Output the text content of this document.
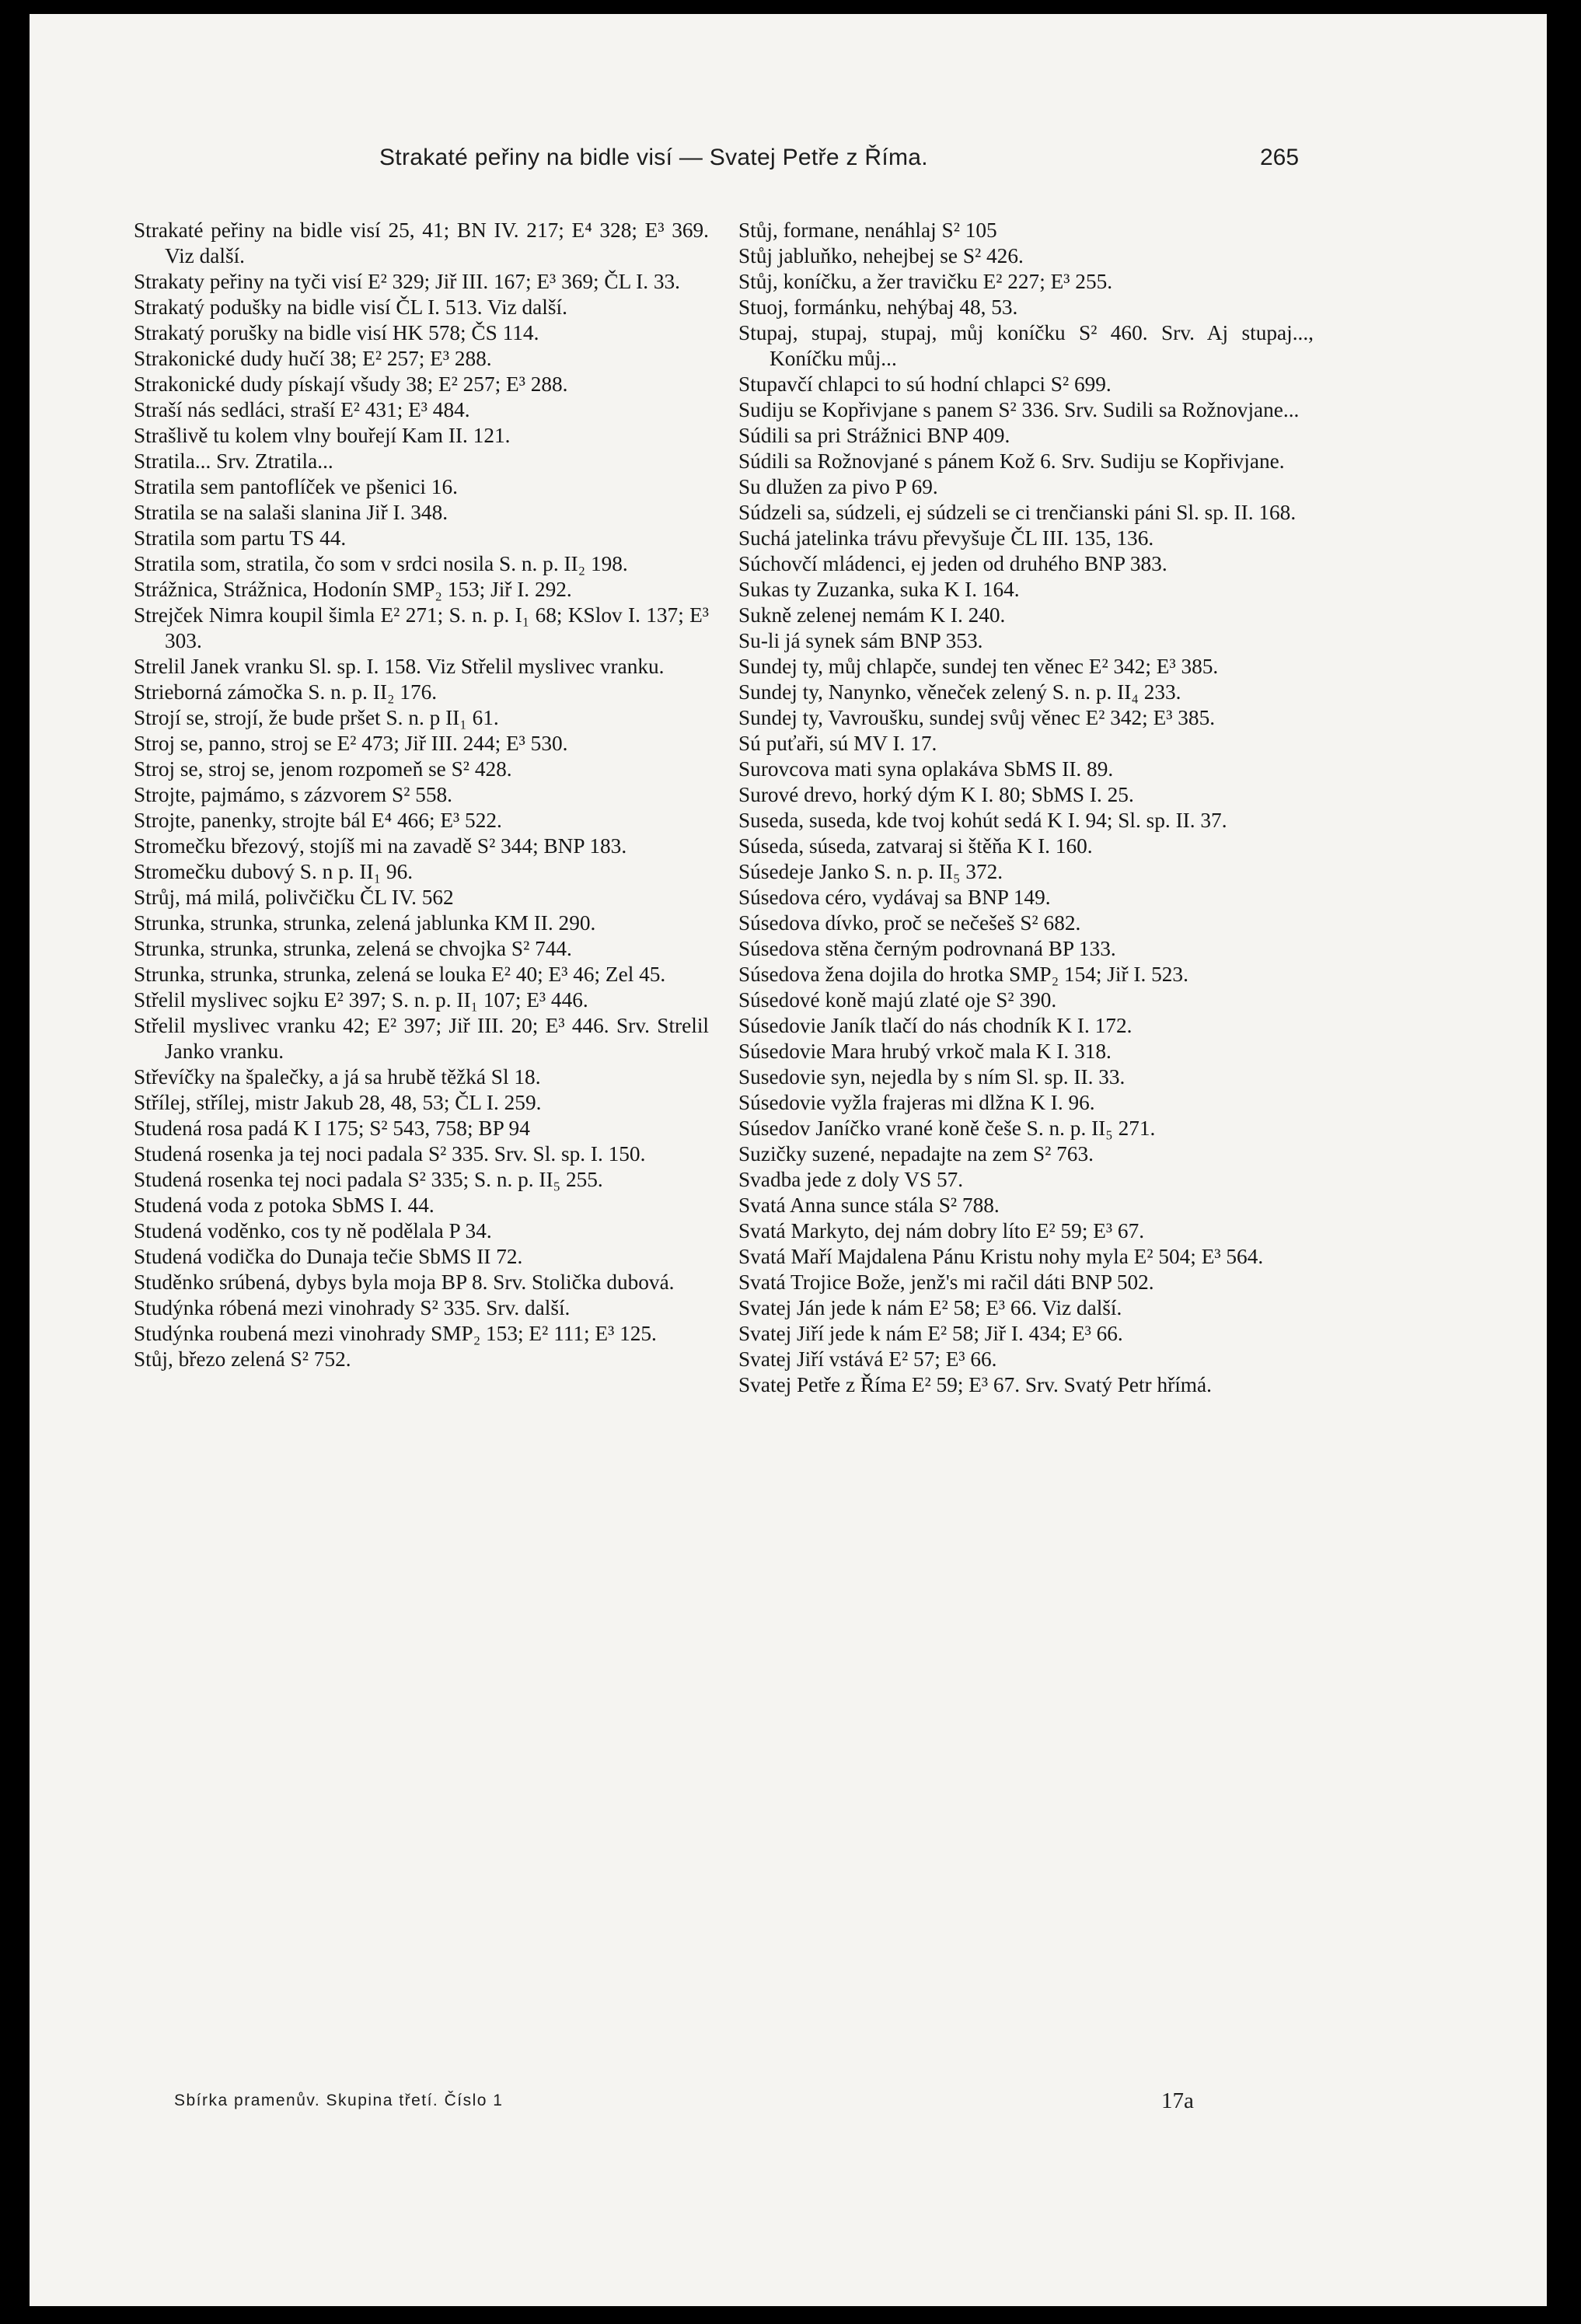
Strakaté peřiny na bidle visí — Svatej Petře z Říma.	265

Strakaté peřiny na bidle visí 25, 41; BN IV. 217; E⁴ 328; E³ 369. Viz další.

Strakaty peřiny na tyči visí E² 329; Jiř III. 167; E³ 369; ČL I. 33.

Strakatý podušky na bidle visí ČL I. 513. Viz další.

Strakatý porušky na bidle visí HK 578; ČS 114.

Strakonické dudy hučí 38; E² 257; E³ 288.

Strakonické dudy pískají všudy 38; E² 257; E³ 288.

Straší nás sedláci, straší E² 431; E³ 484.

Strašlivě tu kolem vlny bouřejí Kam II. 121.

Stratila... Srv. Ztratila...

Stratila sem pantoflíček ve pšenici 16.

Stratila se na salaši slanina Jiř I. 348.

Stratila som partu TS 44.

Stratila som, stratila, čo som v srdci nosila S. n. p. II₂ 198.

Strážnica, Strážnica, Hodonín SMP₂ 153; Jiř I. 292.

Strejček Nimra koupil šimla E² 271; S. n. p. I₁ 68; KSlov I. 137; E³ 303.

Strelil Janek vranku Sl. sp. I. 158. Viz Střelil myslivec vranku.

Strieborná zámočka S. n. p. II₂ 176.

Strojí se, strojí, že bude pršet S. n. p II₁ 61.

Stroj se, panno, stroj se E² 473; Jiř III. 244; E³ 530.

Stroj se, stroj se, jenom rozpomeň se S² 428.

Strojte, pajmámo, s zázvorem S² 558.

Strojte, panenky, strojte bál E⁴ 466; E³ 522.

Stromečku březový, stojíš mi na zavadě S² 344; BNP 183.

Stromečku dubový S. n p. II₁ 96.

Strůj, má milá, polivčičku ČL IV. 562

Strunka, strunka, strunka, zelená jablunka KM II. 290.

Strunka, strunka, strunka, zelená se chvojka S² 744.

Strunka, strunka, strunka, zelená se louka E² 40; E³ 46; Zel 45.

Střelil myslivec sojku E² 397; S. n. p. II₁ 107; E³ 446.

Střelil myslivec vranku 42; E² 397; Jiř III. 20; E³ 446. Srv. Strelil Janko vranku.

Střevíčky na špalečky, a já sa hrubě těžká Sl 18.

Střílej, střílej, mistr Jakub 28, 48, 53; ČL I. 259.

Studená rosa padá K I 175; S² 543, 758; BP 94

Studená rosenka ja tej noci padala S² 335. Srv. Sl. sp. I. 150.

Studená rosenka tej noci padala S² 335; S. n. p. II₅ 255.

Studená voda z potoka SbMS I. 44.

Studená voděnko, cos ty ně podělala P 34.

Studená vodička do Dunaja tečie SbMS II 72.

Studěnko srúbená, dybys byla moja BP 8. Srv. Stolička dubová.

Studýnka róbená mezi vinohrady S² 335. Srv. další.

Studýnka roubená mezi vinohrady SMP₂ 153; E² 111; E³ 125.

Stůj, březo zelená S² 752.

Stůj, formane, nenáhlaj S² 105

Stůj jabluňko, nehejbej se S² 426.

Stůj, koníčku, a žer travičku E² 227; E³ 255.

Stuoj, formánku, nehýbaj 48, 53.

Stupaj, stupaj, stupaj, můj koníčku S² 460. Srv. Aj stupaj..., Koníčku můj...

Stupavčí chlapci to sú hodní chlapci S² 699.

Sudiju se Kopřivjane s panem S² 336. Srv. Sudili sa Rožnovjane...

Súdili sa pri Strážnici BNP 409.

Súdili sa Rožnovjané s pánem Kož 6. Srv. Sudiju se Kopřivjane.

Su dlužen za pivo P 69.

Súdzeli sa, súdzeli, ej súdzeli se ci trenčianski páni Sl. sp. II. 168.

Suchá jatelinka trávu převyšuje ČL III. 135, 136.

Súchovčí mládenci, ej jeden od druhého BNP 383.

Sukas ty Zuzanka, suka K I. 164.

Sukně zelenej nemám K I. 240.

Su-li já synek sám BNP 353.

Sundej ty, můj chlapče, sundej ten věnec E² 342; E³ 385.

Sundej ty, Nanynko, věneček zelený S. n. p. II₄ 233.

Sundej ty, Vavroušku, sundej svůj věnec E² 342; E³ 385.

Sú puťaři, sú MV I. 17.

Surovcova mati syna oplakáva SbMS II. 89.

Surové drevo, horký dým K I. 80; SbMS I. 25.

Suseda, suseda, kde tvoj kohút sedá K I. 94; Sl. sp. II. 37.

Súseda, súseda, zatvaraj si štěňa K I. 160.

Súsedeje Janko S. n. p. II₅ 372.

Súsedova céro, vydávaj sa BNP 149.

Súsedova dívko, proč se nečešeš S² 682.

Súsedova stěna černým podrovnaná BP 133.

Súsedova žena dojila do hrotka SMP₂ 154; Jiř I. 523.

Súsedové koně majú zlaté oje S² 390.

Súsedovie Janík tlačí do nás chodník K I. 172.

Súsedovie Mara hrubý vrkoč mala K I. 318.

Susedovie syn, nejedla by s ním Sl. sp. II. 33.

Súsedovie vyžla frajeras mi dlžna K I. 96.

Súsedov Janíčko vrané koně češe S. n. p. II₅ 271.

Suzičky suzené, nepadajte na zem S² 763.

Svadba jede z doly VS 57.

Svatá Anna sunce stála S² 788.

Svatá Markyto, dej nám dobry líto E² 59; E³ 67.

Svatá Maří Majdalena Pánu Kristu nohy myla E² 504; E³ 564.

Svatá Trojice Bože, jenž's mi račil dáti BNP 502.

Svatej Ján jede k nám E² 58; E³ 66. Viz další.

Svatej Jiří jede k nám E² 58; Jiř I. 434; E³ 66.

Svatej Jiří vstává E² 57; E³ 66.

Svatej Petře z Říma E² 59; E³ 67. Srv. Svatý Petr hřímá.

Sbírka pramenův. Skupina třetí. Číslo 1	17a
